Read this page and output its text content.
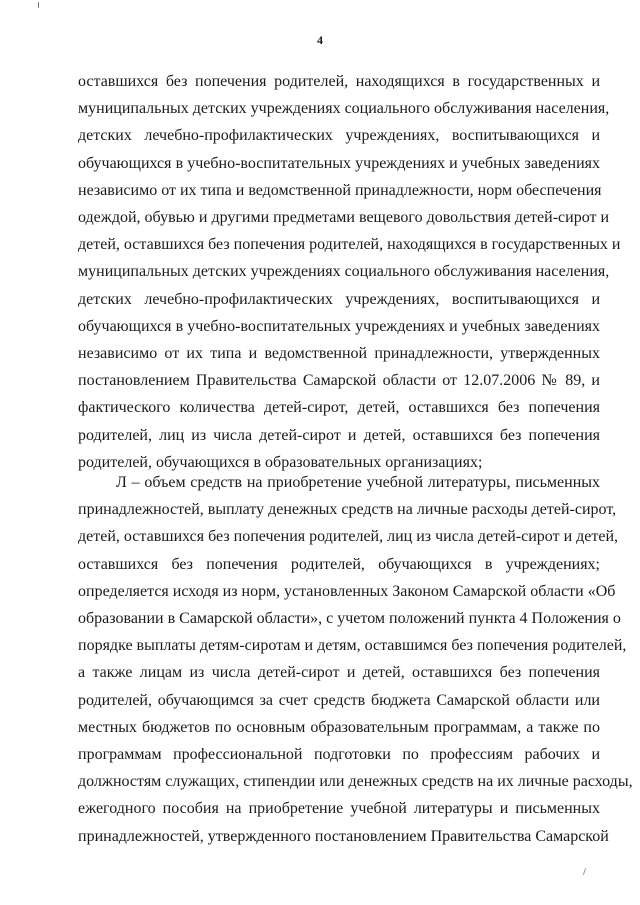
4
оставшихся без попечения родителей, находящихся в государственных и
муниципальных детских учреждениях социального обслуживания населения,
детских лечебно-профилактических учреждениях, воспитывающихся и
обучающихся в учебно-воспитательных учреждениях и учебных заведениях
независимо от их типа и ведомственной принадлежности, норм обеспечения
одеждой, обувью и другими предметами вещевого довольствия детей-сирот и
детей, оставшихся без попечения родителей, находящихся в государственных и
муниципальных детских учреждениях социального обслуживания населения,
детских лечебно-профилактических учреждениях, воспитывающихся и
обучающихся в учебно-воспитательных учреждениях и учебных заведениях
независимо от их типа и ведомственной принадлежности, утвержденных
постановлением Правительства Самарской области от 12.07.2006 № 89, и
фактического количества детей-сирот, детей, оставшихся без попечения
родителей, лиц из числа детей-сирот и детей, оставшихся без попечения
родителей, обучающихся в образовательных организациях;
Л – объем средств на приобретение учебной литературы, письменных
принадлежностей, выплату денежных средств на личные расходы детей-сирот,
детей, оставшихся без попечения родителей, лиц из числа детей-сирот и детей,
оставшихся без попечения родителей, обучающихся в учреждениях;
определяется исходя из норм, установленных Законом Самарской области «Об
образовании в Самарской области», с учетом положений пункта 4 Положения о
порядке выплаты детям-сиротам и детям, оставшимся без попечения родителей,
а также лицам из числа детей-сирот и детей, оставшихся без попечения
родителей, обучающимся за счет средств бюджета Самарской области или
местных бюджетов по основным образовательным программам, а также по
программам профессиональной подготовки по профессиям рабочих и
должностям служащих, стипендии или денежных средств на их личные расходы,
ежегодного пособия на приобретение учебной литературы и письменных
принадлежностей, утвержденного постановлением Правительства Самарской
